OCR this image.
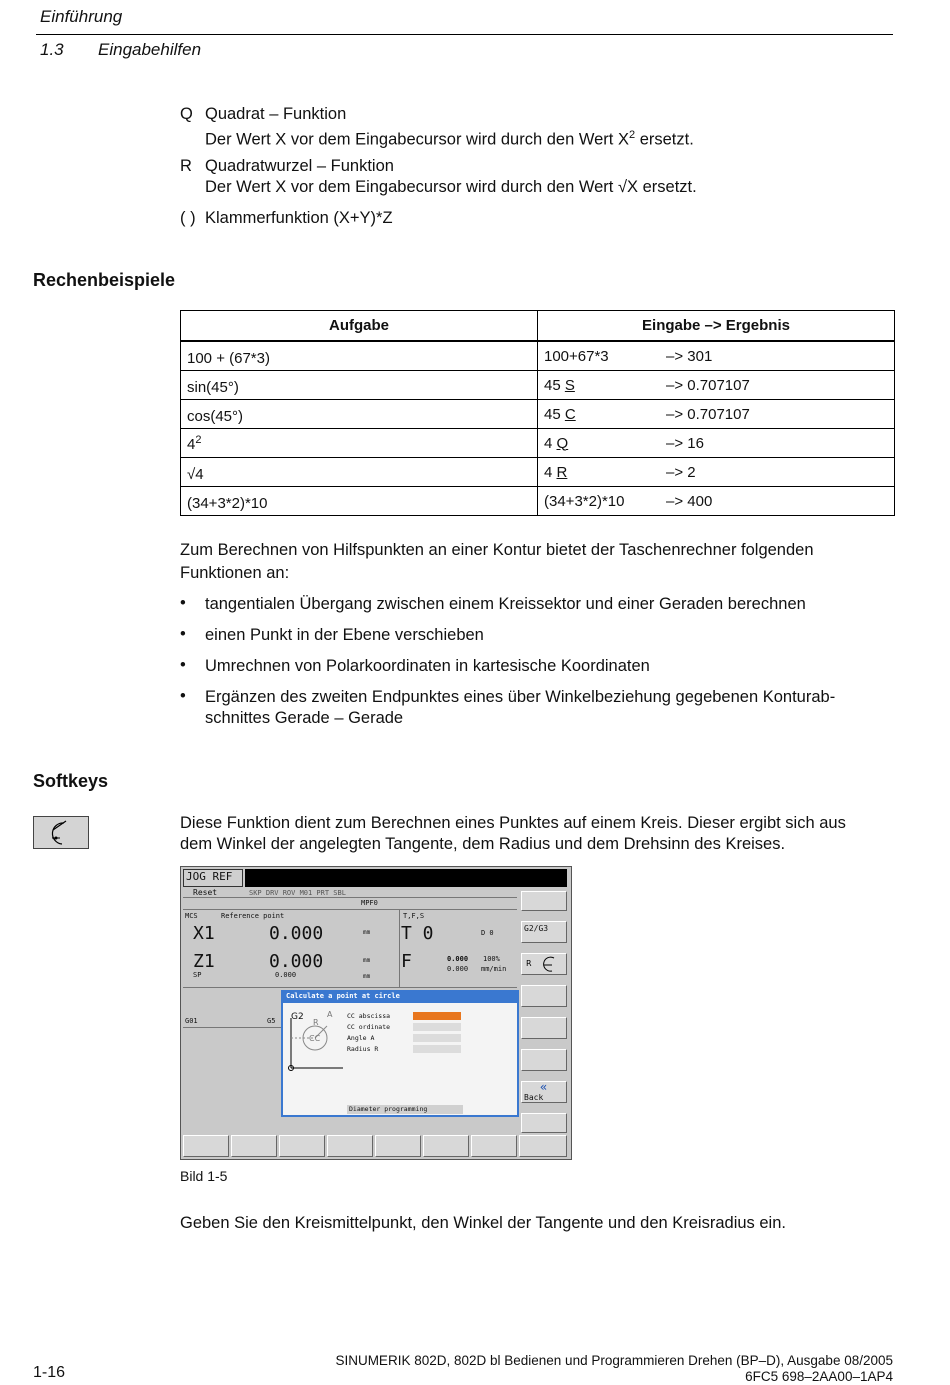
Einführung
1.3 Eingabehilfen
Q Quadrat – Funktion
Der Wert X vor dem Eingabecursor wird durch den Wert $X^2$ ersetzt.
R Quadratwurzel – Funktion
Der Wert X vor dem Eingabecursor wird durch den Wert √X ersetzt.
( ) Klammerfunktion (X+Y)*Z
Rechenbeispiele
Aufgabe	Eingabe –> Ergebnis
100 + (67*3)	100+67*3 –> 301
sin(45°)	45 S –> 0.707107
cos(45°)	45 C –> 0.707107
$4^2$	4 Q –> 16
√4	4 R –> 2
(34+3*2)*10	(34+3*2)*10 –> 400
Zum Berechnen von Hilfspunkten an einer Kontur bietet der Taschenrechner folgenden Funktionen an:
• tangentialen Übergang zwischen einem Kreissektor und einer Geraden berechnen
• einen Punkt in der Ebene verschieben
• Umrechnen von Polarkoordinaten in kartesische Koordinaten
• Ergänzen des zweiten Endpunktes eines über Winkelbeziehung gegebenen Konturab-
schnittes Gerade – Gerade
Softkeys
Diese Funktion dient zum Berechnen eines Punktes auf einem Kreis. Dieser ergibt sich aus
dem Winkel der angelegten Tangente, dem Radius und dem Drehsinn des Kreises.
JOG REF
Reset	SKP DRV ROV M01 PRT SBL
MPF0
MCS	Reference point	T,F,S
X1	0.000	mm
Z1	0.000	mm
SP	0.000	mm
T 0	D 0
F	0.000
0.000
100%
mm/min
G01	G5
G2/G3
R
«
Back
Calculate a point at circle
G2	A
R
CC
CC abscissa
CC ordinate
Angle A
Radius R
Diameter programming
Bild 1-5
Geben Sie den Kreismittelpunkt, den Winkel der Tangente und den Kreisradius ein.
1-16
SINUMERIK 802D, 802D bl Bedienen und Programmieren Drehen (BP–D), Ausgabe 08/2005
6FC5 698–2AA00–1AP4
